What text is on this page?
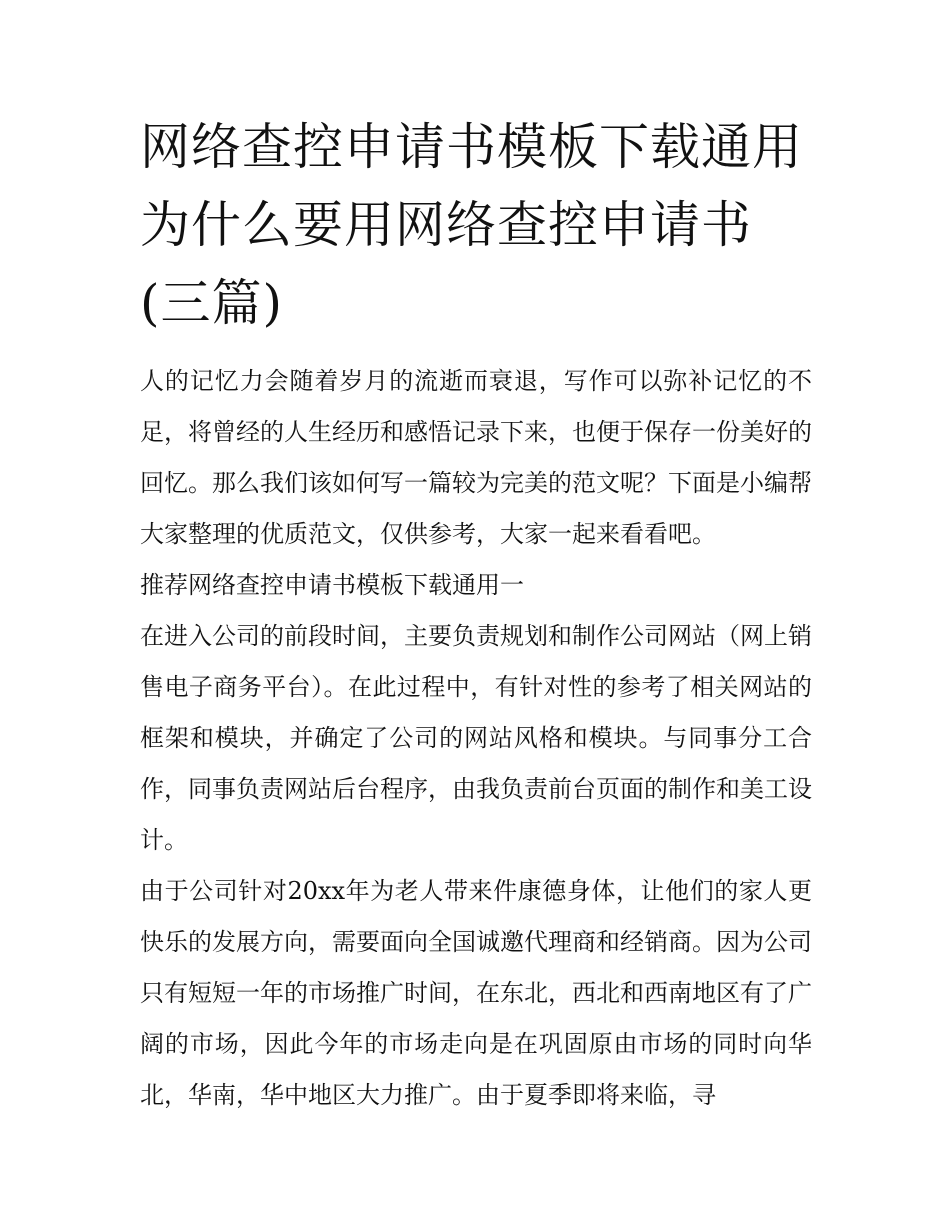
网络查控申请书模板下载通用为什么要用网络查控申请书(三篇)

人的记忆力会随着岁月的流逝而衰退，写作可以弥补记忆的不足，将曾经的人生经历和感悟记录下来，也便于保存一份美好的回忆。那么我们该如何写一篇较为完美的范文呢？下面是小编帮大家整理的优质范文，仅供参考，大家一起来看看吧。

推荐网络查控申请书模板下载通用一

在进入公司的前段时间，主要负责规划和制作公司网站（网上销售电子商务平台）。在此过程中，有针对性的参考了相关网站的框架和模块，并确定了公司的网站风格和模块。与同事分工合作，同事负责网站后台程序，由我负责前台页面的制作和美工设计。

由于公司针对20xx年为老人带来件康德身体，让他们的家人更快乐的发展方向，需要面向全国诚邀代理商和经销商。因为公司只有短短一年的市场推广时间，在东北，西北和西南地区有了广阔的市场，因此今年的市场走向是在巩固原由市场的同时向华北，华南，华中地区大力推广。由于夏季即将来临，寻
